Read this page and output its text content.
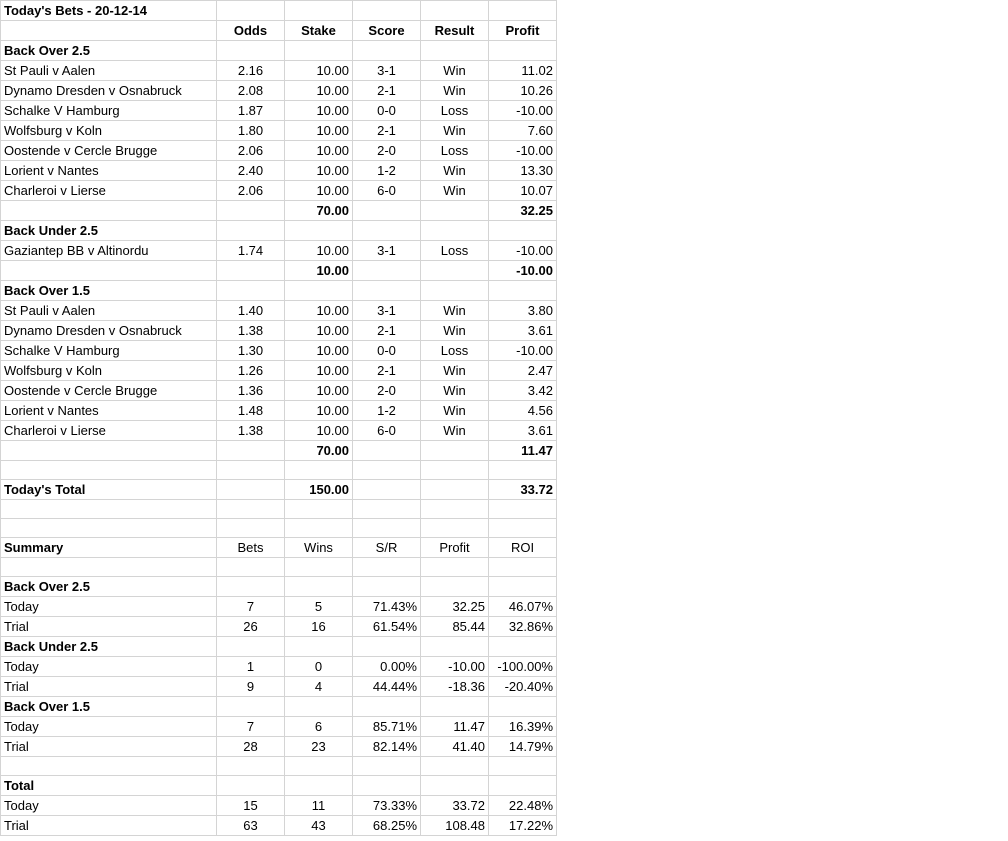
Today's Bets - 20-12-14					
	Odds	Stake	Score	Result	Profit
Back Over 2.5					
St Pauli v Aalen	2.16	10.00	3-1	Win	11.02
Dynamo Dresden v Osnabruck	2.08	10.00	2-1	Win	10.26
Schalke V Hamburg	1.87	10.00	0-0	Loss	-10.00
Wolfsburg v Koln	1.80	10.00	2-1	Win	7.60
Oostende v Cercle Brugge	2.06	10.00	2-0	Loss	-10.00
Lorient v Nantes	2.40	10.00	1-2	Win	13.30
Charleroi v Lierse	2.06	10.00	6-0	Win	10.07
		70.00			32.25
Back Under 2.5					
Gaziantep BB v Altinordu	1.74	10.00	3-1	Loss	-10.00
		10.00			-10.00
Back Over 1.5					
St Pauli v Aalen	1.40	10.00	3-1	Win	3.80
Dynamo Dresden v Osnabruck	1.38	10.00	2-1	Win	3.61
Schalke V Hamburg	1.30	10.00	0-0	Loss	-10.00
Wolfsburg v Koln	1.26	10.00	2-1	Win	2.47
Oostende v Cercle Brugge	1.36	10.00	2-0	Win	3.42
Lorient v Nantes	1.48	10.00	1-2	Win	4.56
Charleroi v Lierse	1.38	10.00	6-0	Win	3.61
		70.00			11.47

Today's Total		150.00			33.72

Summary	Bets	Wins	S/R	Profit	ROI

Back Over 2.5					
Today	7	5	71.43%	32.25	46.07%
Trial	26	16	61.54%	85.44	32.86%
Back Under 2.5					
Today	1	0	0.00%	-10.00	-100.00%
Trial	9	4	44.44%	-18.36	-20.40%
Back Over 1.5					
Today	7	6	85.71%	11.47	16.39%
Trial	28	23	82.14%	41.40	14.79%

Total					
Today	15	11	73.33%	33.72	22.48%
Trial	63	43	68.25%	108.48	17.22%
